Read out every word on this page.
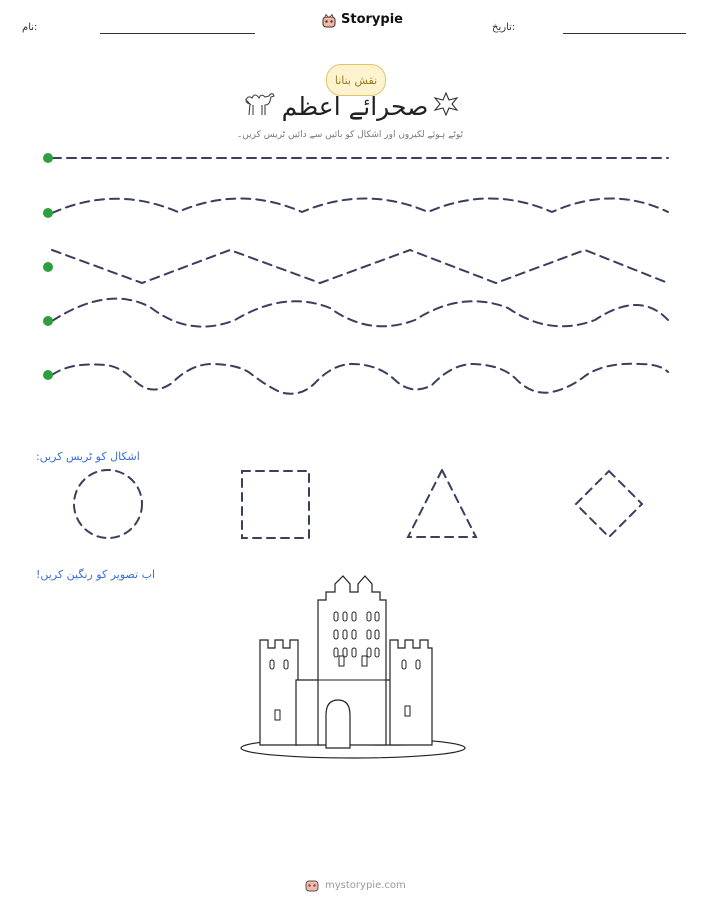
نام:
Storypie
تاریخ:
نقش بنانا
صحرائے اعظم
ٹوٹے ہوئے لکیروں اور اشکال کو بائیں سے دائیں ٹریس کریں۔
اشکال کو ٹریس کریں:
اب تصویر کو رنگین کریں!
mystorypie.com
